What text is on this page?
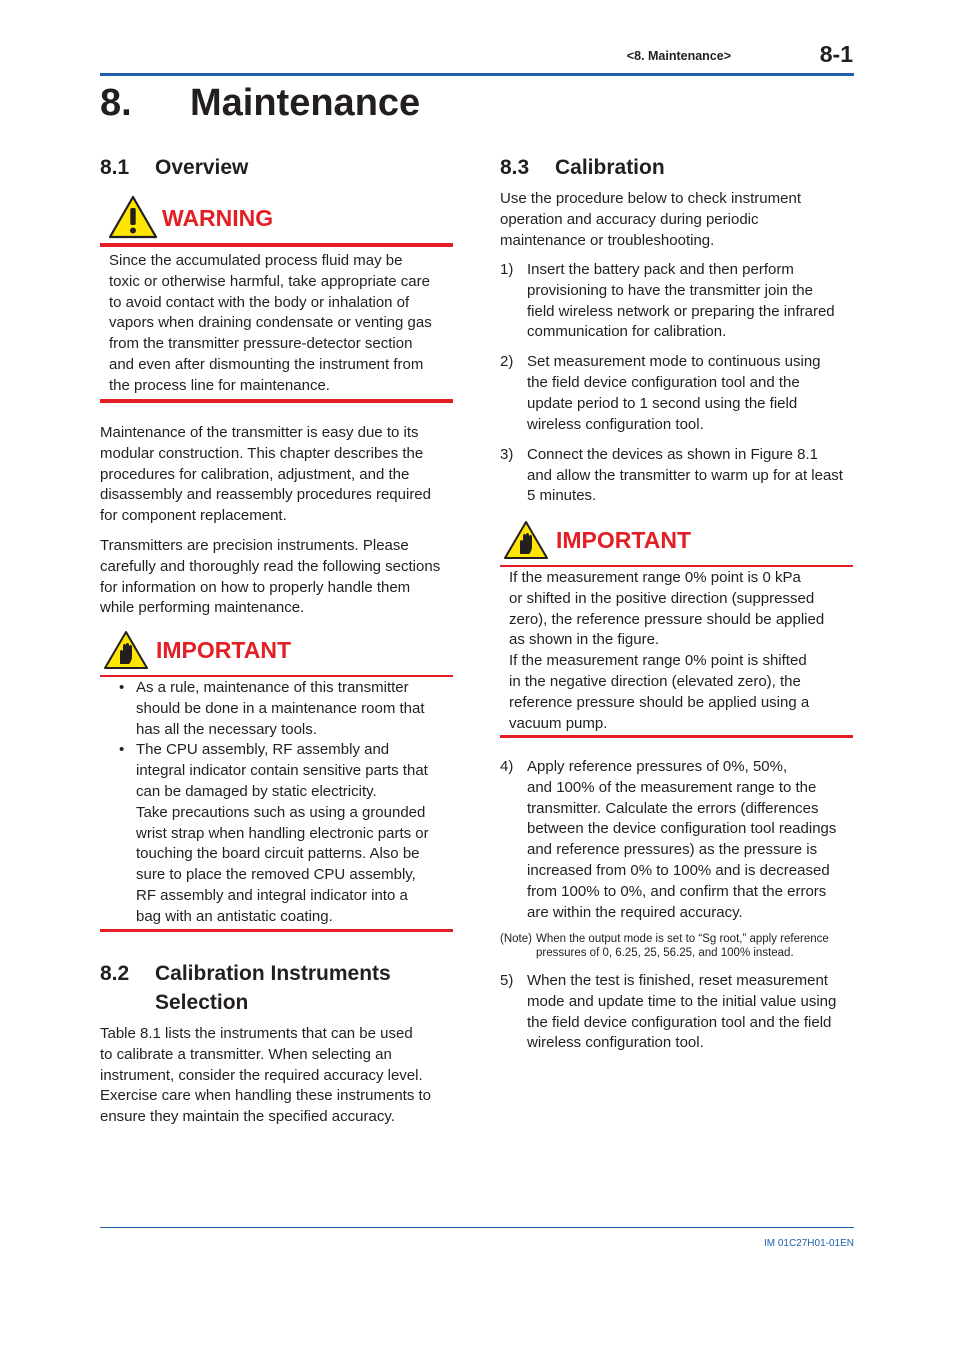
<8. Maintenance>	8-1
8. Maintenance
8.1 Overview
WARNING
Since the accumulated process fluid may be
toxic or otherwise harmful, take appropriate care
to avoid contact with the body or inhalation of
vapors when draining condensate or venting gas
from the transmitter pressure-detector section
and even after dismounting the instrument from
the process line for maintenance.
Maintenance of the transmitter is easy due to its
modular construction. This chapter describes the
procedures for calibration, adjustment, and the
disassembly and reassembly procedures required
for component replacement.
Transmitters are precision instruments. Please
carefully and thoroughly read the following sections
for information on how to properly handle them
while performing maintenance.
IMPORTANT
• As a rule, maintenance of this transmitter
should be done in a maintenance room that
has all the necessary tools.
• The CPU assembly, RF assembly and
integral indicator contain sensitive parts that
can be damaged by static electricity.
Take precautions such as using a grounded
wrist strap when handling electronic parts or
touching the board circuit patterns. Also be
sure to place the removed CPU assembly,
RF assembly and integral indicator into a
bag with an antistatic coating.
8.2 Calibration Instruments
Selection
Table 8.1 lists the instruments that can be used
to calibrate a transmitter. When selecting an
instrument, consider the required accuracy level.
Exercise care when handling these instruments to
ensure they maintain the specified accuracy.
8.3 Calibration
Use the procedure below to check instrument
operation and accuracy during periodic
maintenance or troubleshooting.
1) Insert the battery pack and then perform
provisioning to have the transmitter join the
field wireless network or preparing the infrared
communication for calibration.
2) Set measurement mode to continuous using
the field device configuration tool and the
update period to 1 second using the field
wireless configuration tool.
3) Connect the devices as shown in Figure 8.1
and allow the transmitter to warm up for at least
5 minutes.
IMPORTANT
If the measurement range 0% point is 0 kPa
or shifted in the positive direction (suppressed
zero), the reference pressure should be applied
as shown in the figure.
If the measurement range 0% point is shifted
in the negative direction (elevated zero), the
reference pressure should be applied using a
vacuum pump.
4) Apply reference pressures of 0%, 50%,
and 100% of the measurement range to the
transmitter. Calculate the errors (differences
between the device configuration tool readings
and reference pressures) as the pressure is
increased from 0% to 100% and is decreased
from 100% to 0%, and confirm that the errors
are within the required accuracy.
(Note) When the output mode is set to “Sg root,” apply reference
pressures of 0, 6.25, 25, 56.25, and 100% instead.
5) When the test is finished, reset measurement
mode and update time to the initial value using
the field device configuration tool and the field
wireless configuration tool.
IM 01C27H01-01EN
